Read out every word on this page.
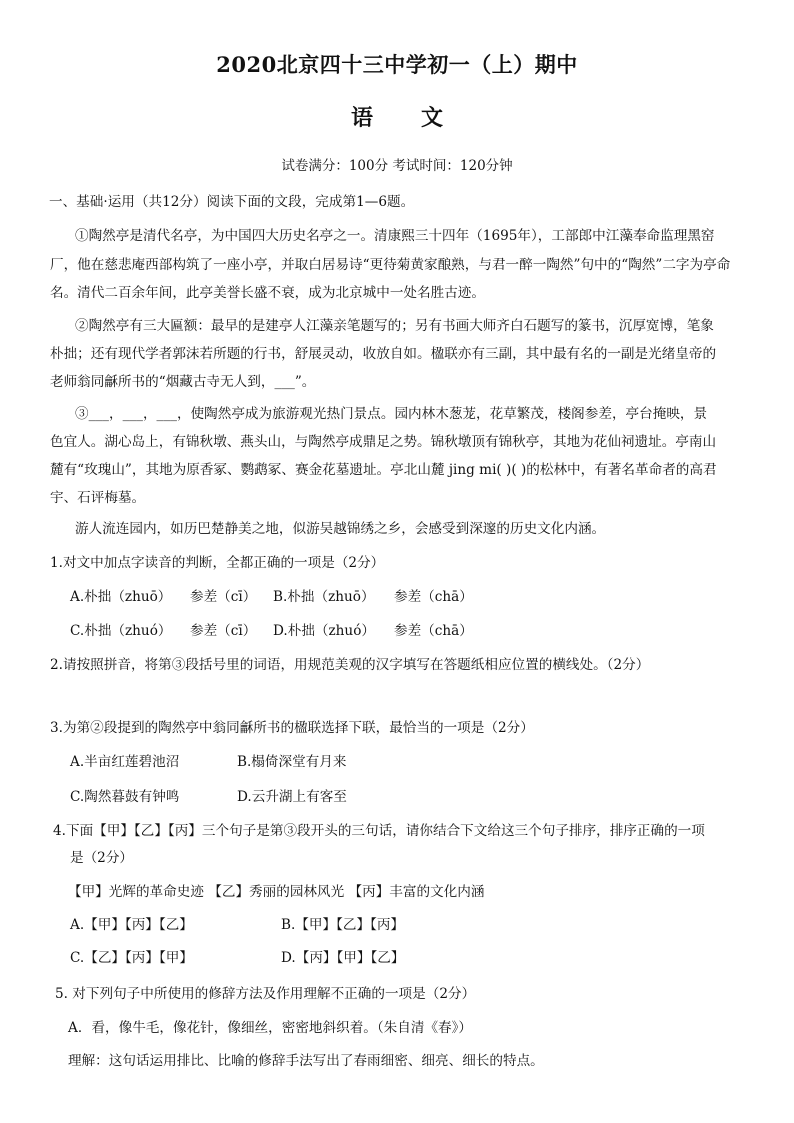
2020北京四十三中学初一（上）期中
语 文
试卷满分：100分 考试时间：120分钟
一、基础·运用（共12分）阅读下面的文段，完成第1—6题。
①陶然亭是清代名亭，为中国四大历史名亭之一。清康熙三十四年（1695年），工部郎中江藻奉命监理黑窑
厂，他在慈悲庵西部构筑了一座小亭，并取白居易诗“更待菊黄家酿熟，与君一醉一陶然”句中的“陶然”二字为亭命
名。清代二百余年间，此亭美誉长盛不衰，成为北京城中一处名胜古迹。
②陶然亭有三大匾额：最早的是建亭人江藻亲笔题写的；另有书画大师齐白石题写的篆书，沉厚宽博，笔象
朴拙；还有现代学者郭沫若所题的行书，舒展灵动，收放自如。楹联亦有三副，其中最有名的一副是光绪皇帝的
老师翁同龢所书的“烟藏古寺无人到，___”。
③___，___，___，使陶然亭成为旅游观光热门景点。园内林木葱茏，花草繁茂，楼阁参差，亭台掩映，景
色宜人。湖心岛上，有锦秋墩、燕头山，与陶然亭成鼎足之势。锦秋墩顶有锦秋亭，其地为花仙祠遗址。亭南山
麓有“玫瑰山”，其地为原香冢、鹦鹉冢、赛金花墓遗址。亭北山麓 jing mi( )( )的松林中，有著名革命者的高君
宇、石评梅墓。
游人流连园内，如历巴楚静美之地，似游吴越锦绣之乡，会感受到深邃的历史文化内涵。
1.对文中加点字读音的判断，全都正确的一项是（2分）
A.朴拙（zhuō） 参差（cī） B.朴拙（zhuō） 参差（chā）
C.朴拙（zhuó） 参差（cī） D.朴拙（zhuó） 参差（chā）
2.请按照拼音，将第③段括号里的词语，用规范美观的汉字填写在答题纸相应位置的横线处。（2分）
3.为第②段提到的陶然亭中翁同龢所书的楹联选择下联，最恰当的一项是（2分）
A.半亩红莲碧池沼	B.榻倚深堂有月来
C.陶然暮鼓有钟鸣	D.云升湖上有客至
4.下面【甲】【乙】【丙】三个句子是第③段开头的三句话，请你结合下文给这三个句子排序，排序正确的一项
是（2分）
【甲】光辉的革命史迹 【乙】秀丽的园林风光 【丙】丰富的文化内涵
A.【甲】【丙】【乙】	B.【甲】【乙】【丙】
C.【乙】【丙】【甲】	D.【丙】【甲】【乙】
5. 对下列句子中所使用的修辞方法及作用理解不正确的一项是（2分）
A．看，像牛毛，像花针，像细丝，密密地斜织着。（朱自清《春》）
理解：这句话运用排比、比喻的修辞手法写出了春雨细密、细亮、细长的特点。
